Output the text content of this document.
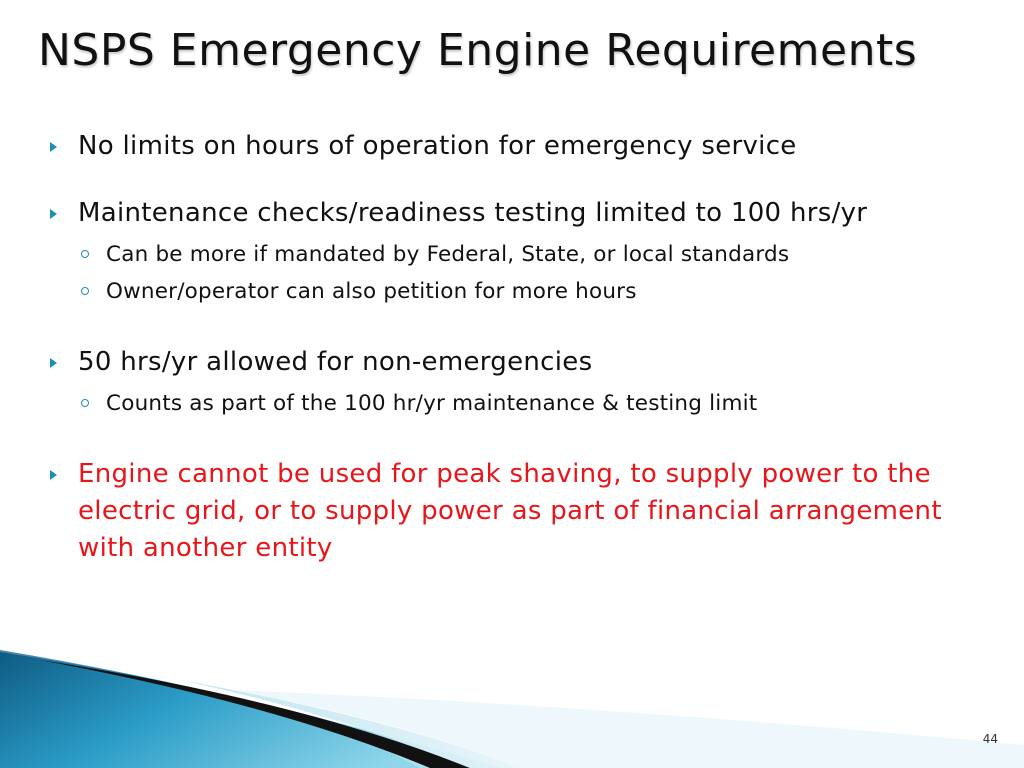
NSPS Emergency Engine Requirements
No limits on hours of operation for emergency service
Maintenance checks/readiness testing limited to 100 hrs/yr
Can be more if mandated by Federal, State, or local standards
Owner/operator can also petition for more hours
50 hrs/yr allowed for non-emergencies
Counts as part of the 100 hr/yr maintenance & testing limit
Engine cannot be used for peak shaving, to supply power to the electric grid, or to supply power as part of financial arrangement with another entity
44
